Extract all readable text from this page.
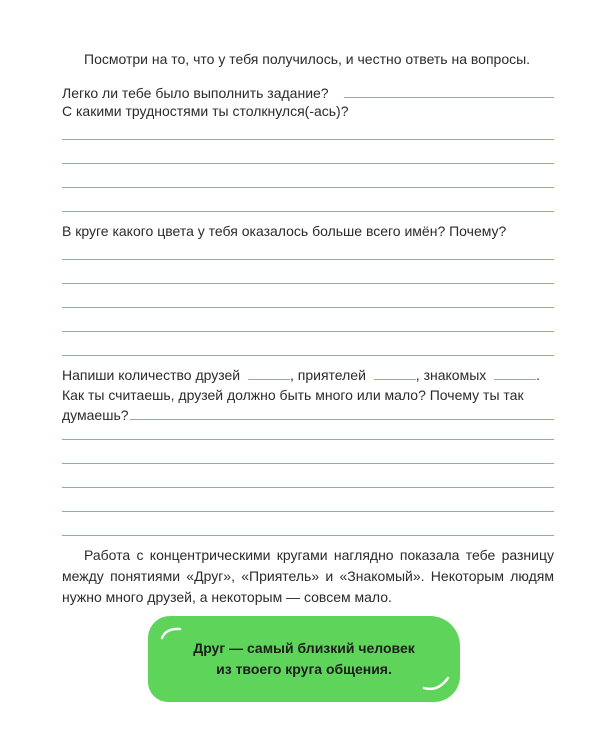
Посмотри на то, что у тебя получилось, и честно ответь на вопросы.
Легко ли тебе было выполнить задание?
С какими трудностями ты столкнулся(-ась)?
В круге какого цвета у тебя оказалось больше всего имён? Почему?
Напиши количество друзей	, приятелей	, знакомых	.
Как ты считаешь, друзей должно быть много или мало? Почему ты так
думаешь?
Работа с концентрическими кругами наглядно показала тебе разницу между понятиями «Друг», «Приятель» и «Знакомый». Некоторым людям нужно много друзей, а некоторым — совсем мало.
Друг — самый близкий человек
из твоего круга общения.
